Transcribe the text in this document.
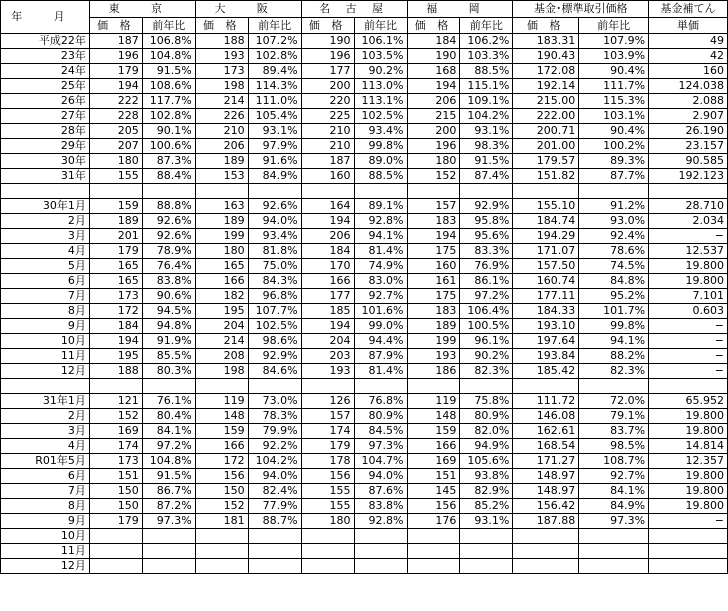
年 月	東 京		大 阪		名 古 屋		福 岡		基金･標準取引価格		基金補てん
	価 格	前年比	価 格	前年比	価 格	前年比	価 格	前年比	価 格	前年比	単価
平成22年	187	106.8%	188	107.2%	190	106.1%	184	106.2%	183.31	107.9%	49
23年	196	104.8%	193	102.8%	196	103.5%	190	103.3%	190.43	103.9%	42
24年	179	91.5%	173	89.4%	177	90.2%	168	88.5%	172.08	90.4%	160
25年	194	108.6%	198	114.3%	200	113.0%	194	115.1%	192.14	111.7%	124.038
26年	222	117.7%	214	111.0%	220	113.1%	206	109.1%	215.00	115.3%	2.088
27年	228	102.8%	226	105.4%	225	102.5%	215	104.2%	222.00	103.1%	2.907
28年	205	90.1%	210	93.1%	210	93.4%	200	93.1%	200.71	90.4%	26.190
29年	207	100.6%	206	97.9%	210	99.8%	196	98.3%	201.00	100.2%	23.157
30年	180	87.3%	189	91.6%	187	89.0%	180	91.5%	179.57	89.3%	90.585
31年	155	88.4%	153	84.9%	160	88.5%	152	87.4%	151.82	87.7%	192.123

30年1月	159	88.8%	163	92.6%	164	89.1%	157	92.9%	155.10	91.2%	28.710
2月	189	92.6%	189	94.0%	194	92.8%	183	95.8%	184.74	93.0%	2.034
3月	201	92.6%	199	93.4%	206	94.1%	194	95.6%	194.29	92.4%	−
4月	179	78.9%	180	81.8%	184	81.4%	175	83.3%	171.07	78.6%	12.537
5月	165	76.4%	165	75.0%	170	74.9%	160	76.9%	157.50	74.5%	19.800
6月	165	83.8%	166	84.3%	166	83.0%	161	86.1%	160.74	84.8%	19.800
7月	173	90.6%	182	96.8%	177	92.7%	175	97.2%	177.11	95.2%	7.101
8月	172	94.5%	195	107.7%	185	101.6%	183	106.4%	184.33	101.7%	0.603
9月	184	94.8%	204	102.5%	194	99.0%	189	100.5%	193.10	99.8%	−
10月	194	91.9%	214	98.6%	204	94.4%	199	96.1%	197.64	94.1%	−
11月	195	85.5%	208	92.9%	203	87.9%	193	90.2%	193.84	88.2%	−
12月	188	80.3%	198	84.6%	193	81.4%	186	82.3%	185.42	82.3%	−

31年1月	121	76.1%	119	73.0%	126	76.8%	119	75.8%	111.72	72.0%	65.952
2月	152	80.4%	148	78.3%	157	80.9%	148	80.9%	146.08	79.1%	19.800
3月	169	84.1%	159	79.9%	174	84.5%	159	82.0%	162.61	83.7%	19.800
4月	174	97.2%	166	92.2%	179	97.3%	166	94.9%	168.54	98.5%	14.814
R01年5月	173	104.8%	172	104.2%	178	104.7%	169	105.6%	171.27	108.7%	12.357
6月	151	91.5%	156	94.0%	156	94.0%	151	93.8%	148.97	92.7%	19.800
7月	150	86.7%	150	82.4%	155	87.6%	145	82.9%	148.97	84.1%	19.800
8月	150	87.2%	152	77.9%	155	83.8%	156	85.2%	156.42	84.9%	19.800
9月	179	97.3%	181	88.7%	180	92.8%	176	93.1%	187.88	97.3%	−
10月											
11月											
12月											
